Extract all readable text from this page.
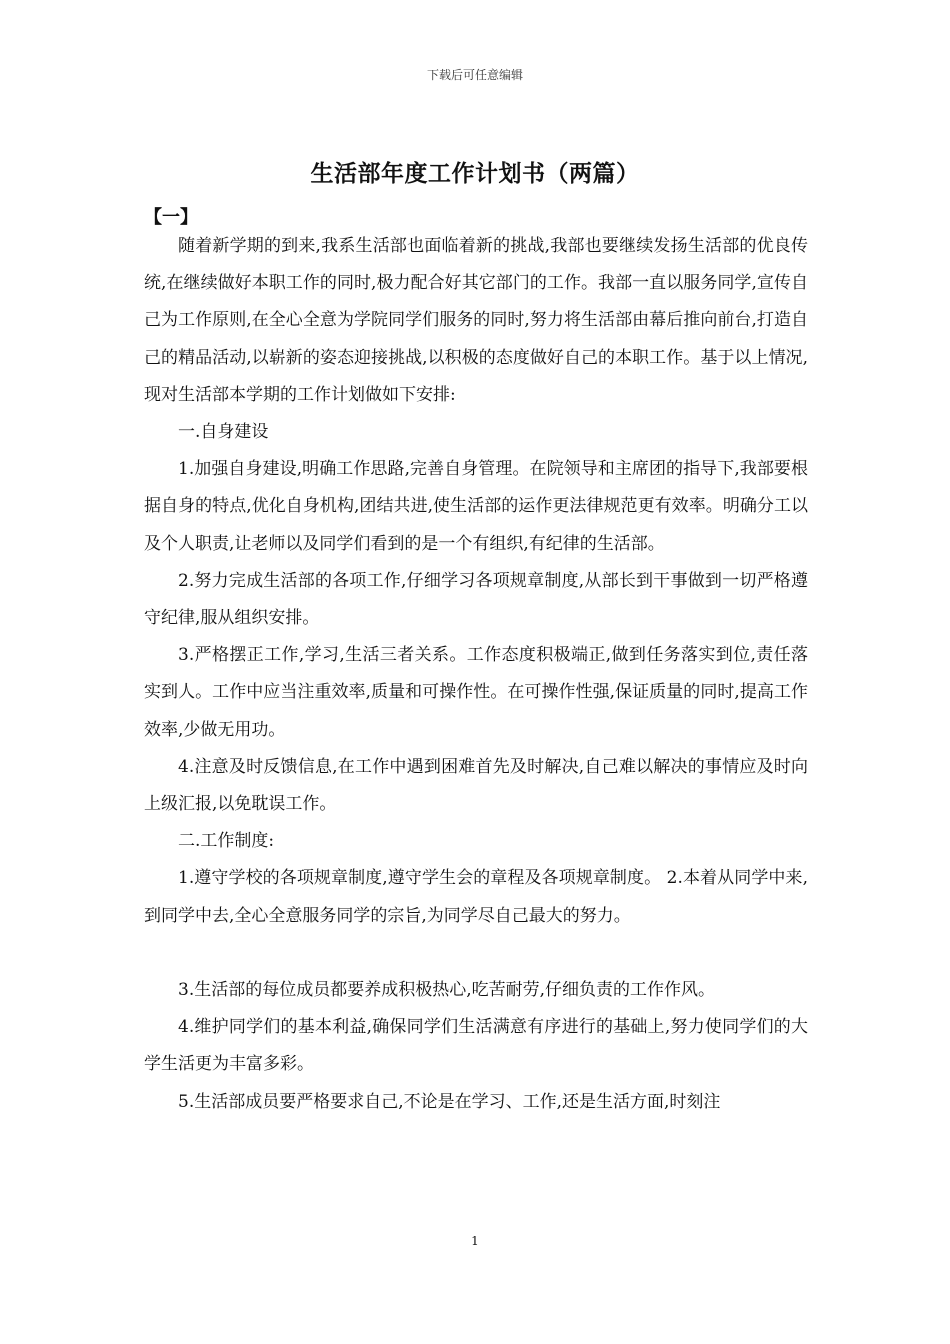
下载后可任意编辑
生活部年度工作计划书（两篇）
【一】

随着新学期的到来,我系生活部也面临着新的挑战,我部也要继续发扬生活部的优良传统,在继续做好本职工作的同时,极力配合好其它部门的工作。我部一直以服务同学,宣传自己为工作原则,在全心全意为学院同学们服务的同时,努力将生活部由幕后推向前台,打造自己的精品活动,以崭新的姿态迎接挑战,以积极的态度做好自己的本职工作。基于以上情况,现对生活部本学期的工作计划做如下安排:

一.自身建设

1.加强自身建设,明确工作思路,完善自身管理。在院领导和主席团的指导下,我部要根据自身的特点,优化自身机构,团结共进,使生活部的运作更法律规范更有效率。明确分工以及个人职责,让老师以及同学们看到的是一个有组织,有纪律的生活部。

2.努力完成生活部的各项工作,仔细学习各项规章制度,从部长到干事做到一切严格遵守纪律,服从组织安排。

3.严格摆正工作,学习,生活三者关系。工作态度积极端正,做到任务落实到位,责任落实到人。工作中应当注重效率,质量和可操作性。在可操作性强,保证质量的同时,提高工作效率,少做无用功。

4.注意及时反馈信息,在工作中遇到困难首先及时解决,自己难以解决的事情应及时向上级汇报,以免耽误工作。

二.工作制度:

1.遵守学校的各项规章制度,遵守学生会的章程及各项规章制度。 2.本着从同学中来,到同学中去,全心全意服务同学的宗旨,为同学尽自己最大的努力。

3.生活部的每位成员都要养成积极热心,吃苦耐劳,仔细负责的工作作风。

4.维护同学们的基本利益,确保同学们生活满意有序进行的基础上,努力使同学们的大学生活更为丰富多彩。

5.生活部成员要严格要求自己,不论是在学习、工作,还是生活方面,时刻注

1
